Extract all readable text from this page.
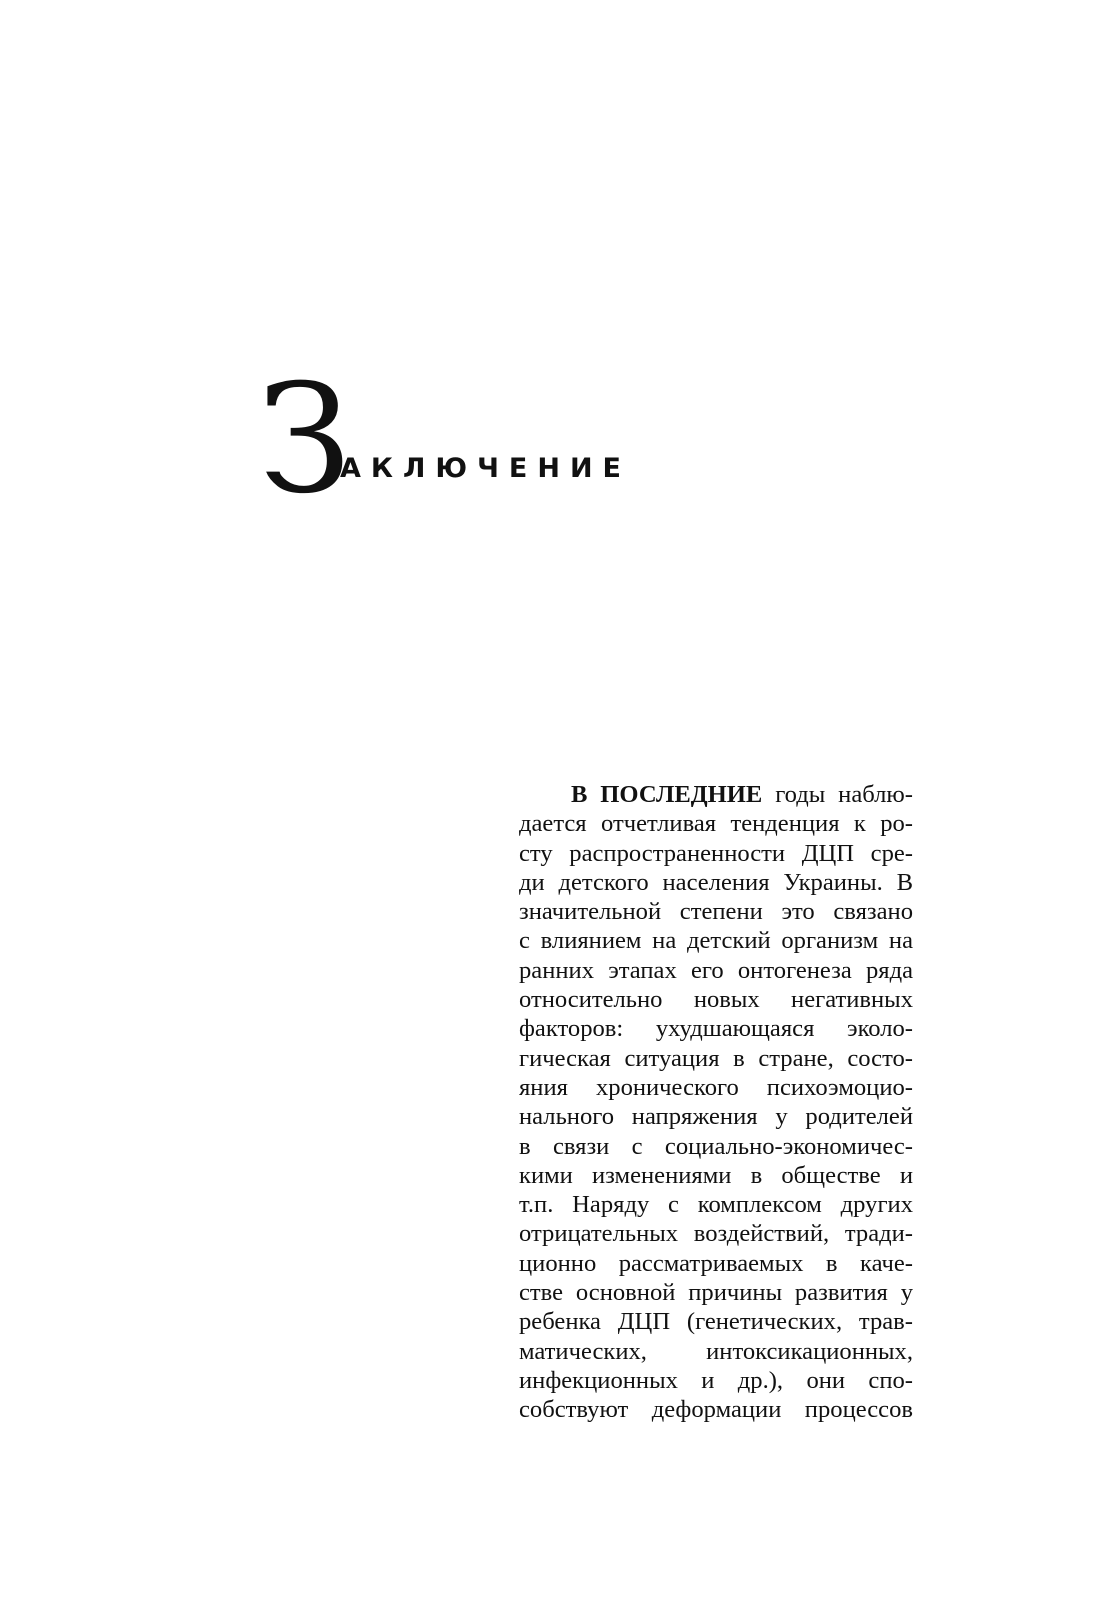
З
АКЛЮЧЕНИЕ
В ПОСЛЕДНИЕ годы наблю-
дается отчетливая тенденция к ро-
сту распространенности ДЦП сре-
ди детского населения Украины. В
значительной степени это связано
с влиянием на детский организм на
ранних этапах его онтогенеза ряда
относительно новых негативных
факторов: ухудшающаяся эколо-
гическая ситуация в стране, состо-
яния хронического психоэмоцио-
нального напряжения у родителей
в связи с социально-экономичес-
кими изменениями в обществе и
т.п. Наряду с комплексом других
отрицательных воздействий, тради-
ционно рассматриваемых в каче-
стве основной причины развития у
ребенка ДЦП (генетических, трав-
матических, интоксикационных,
инфекционных и др.), они спо-
собствуют деформации процессов
